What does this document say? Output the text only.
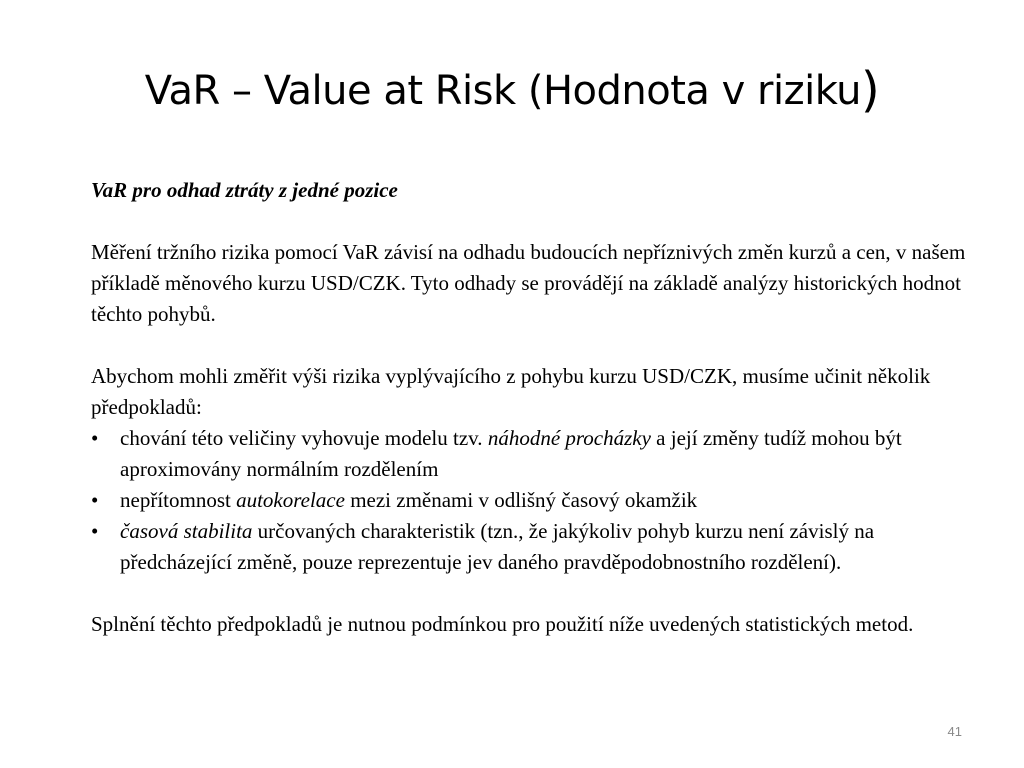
VaR – Value at Risk (Hodnota v riziku)

VaR pro odhad ztráty z jedné pozice

Měření tržního rizika pomocí VaR závisí na odhadu budoucích nepříznivých změn kurzů a cen, v našem příkladě měnového kurzu USD/CZK. Tyto odhady se provádějí na základě analýzy historických hodnot těchto pohybů.

Abychom mohli změřit výši rizika vyplývajícího z pohybu kurzu USD/CZK, musíme učinit několik předpokladů:

• chování této veličiny vyhovuje modelu tzv. náhodné procházky a její změny tudíž mohou být aproximovány normálním rozdělením
• nepřítomnost autokorelace mezi změnami v odlišný časový okamžik
• časová stabilita určovaných charakteristik (tzn., že jakýkoliv pohyb kurzu není závislý na předcházející změně, pouze reprezentuje jev daného pravděpodobnostního rozdělení).

Splnění těchto předpokladů je nutnou podmínkou pro použití níže uvedených statistických metod.

41
